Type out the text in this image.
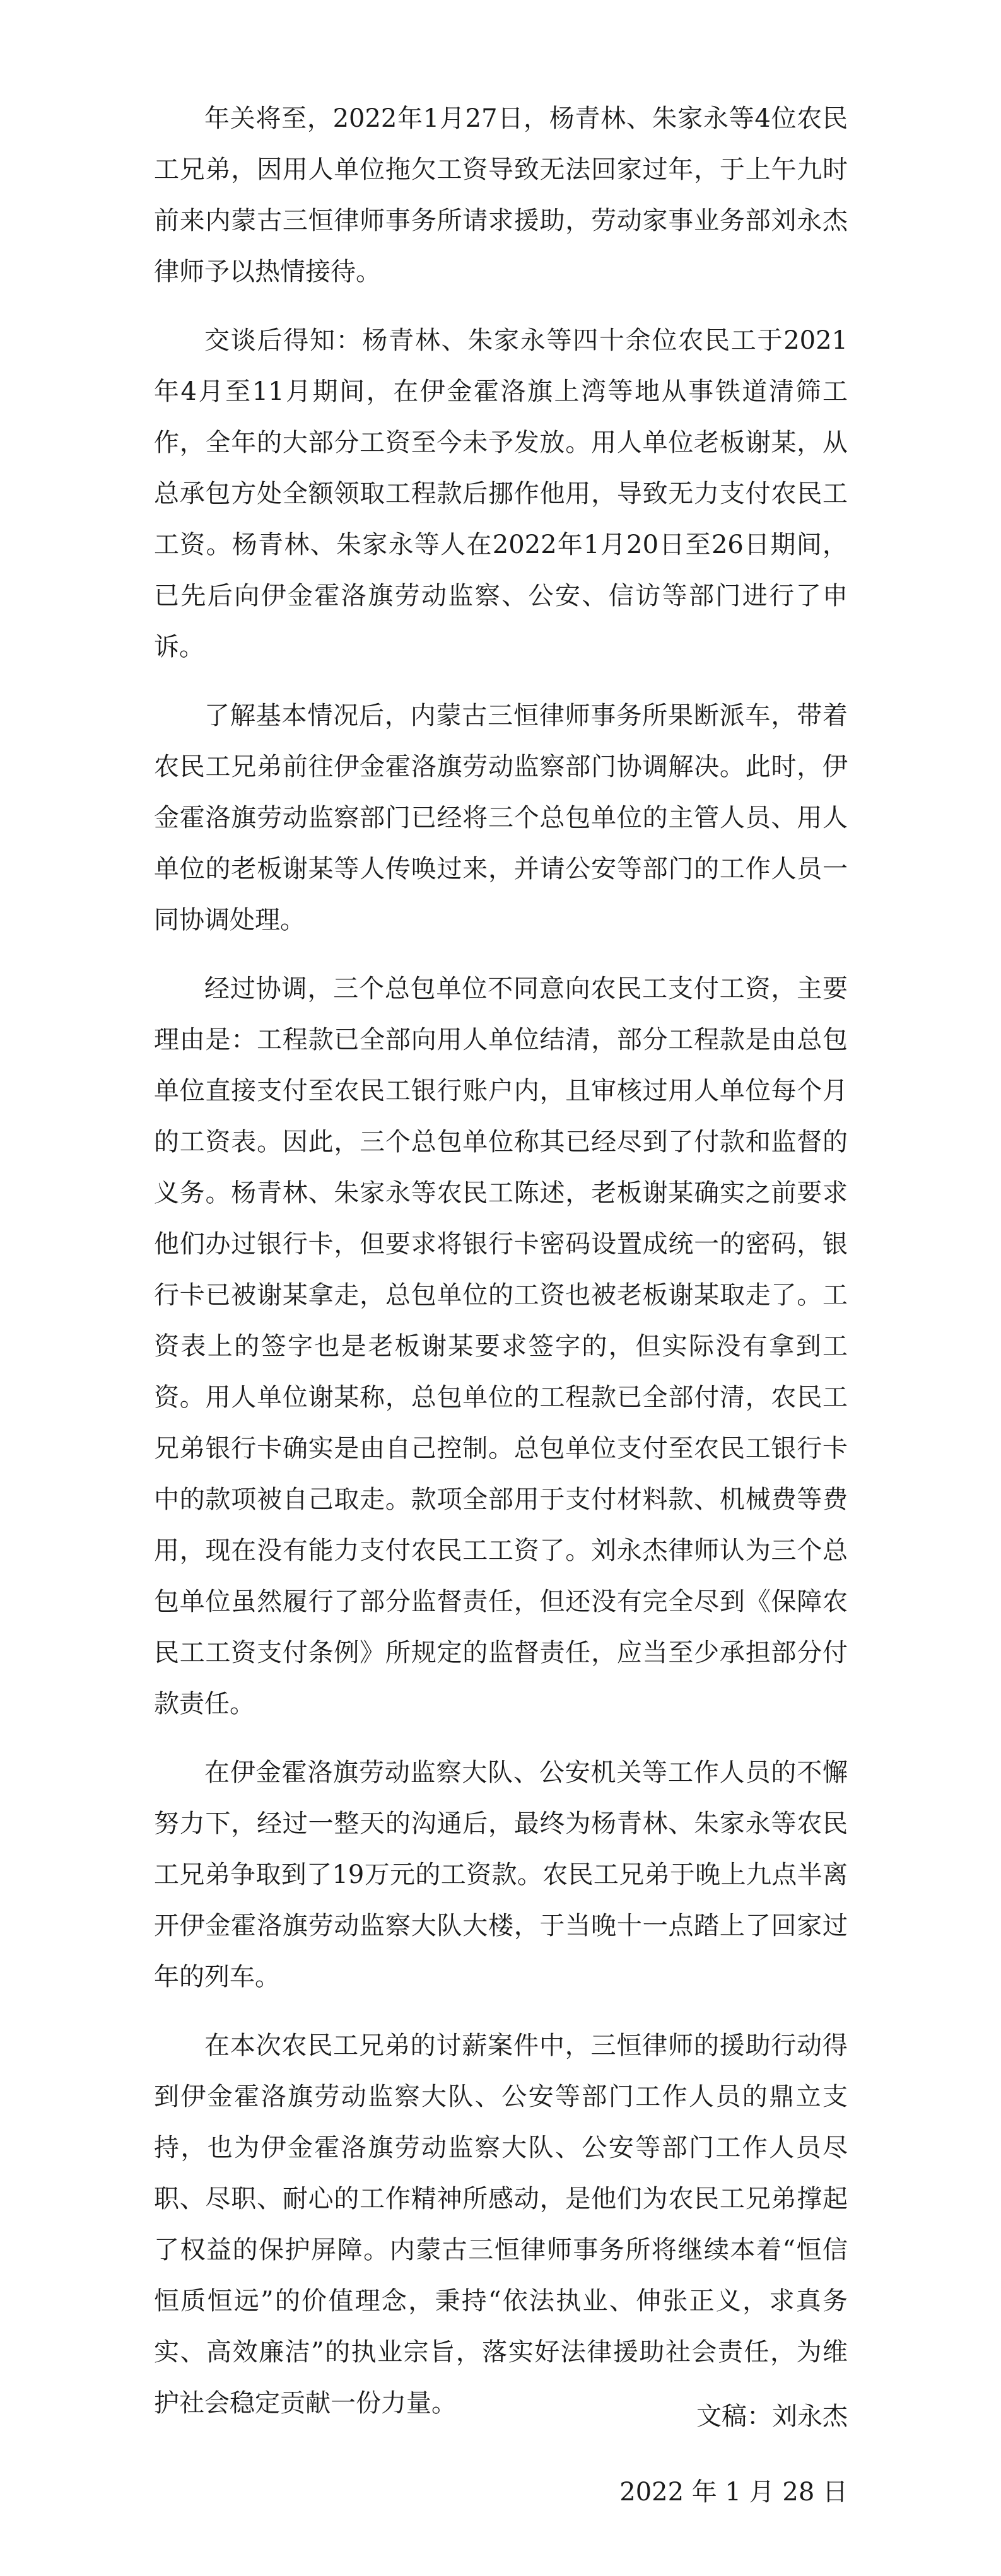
年关将至，2022年1月27日，杨青林、朱家永等4位农民工兄弟，因用人单位拖欠工资导致无法回家过年，于上午九时前来内蒙古三恒律师事务所请求援助，劳动家事业务部刘永杰律师予以热情接待。

交谈后得知：杨青林、朱家永等四十余位农民工于2021年4月至11月期间，在伊金霍洛旗上湾等地从事铁道清筛工作，全年的大部分工资至今未予发放。用人单位老板谢某，从总承包方处全额领取工程款后挪作他用，导致无力支付农民工工资。杨青林、朱家永等人在2022年1月20日至26日期间，已先后向伊金霍洛旗劳动监察、公安、信访等部门进行了申诉。

了解基本情况后，内蒙古三恒律师事务所果断派车，带着农民工兄弟前往伊金霍洛旗劳动监察部门协调解决。此时，伊金霍洛旗劳动监察部门已经将三个总包单位的主管人员、用人单位的老板谢某等人传唤过来，并请公安等部门的工作人员一同协调处理。

经过协调，三个总包单位不同意向农民工支付工资，主要理由是：工程款已全部向用人单位结清，部分工程款是由总包单位直接支付至农民工银行账户内，且审核过用人单位每个月的工资表。因此，三个总包单位称其已经尽到了付款和监督的义务。杨青林、朱家永等农民工陈述，老板谢某确实之前要求他们办过银行卡，但要求将银行卡密码设置成统一的密码，银行卡已被谢某拿走，总包单位的工资也被老板谢某取走了。工资表上的签字也是老板谢某要求签字的，但实际没有拿到工资。用人单位谢某称，总包单位的工程款已全部付清，农民工兄弟银行卡确实是由自己控制。总包单位支付至农民工银行卡中的款项被自己取走。款项全部用于支付材料款、机械费等费用，现在没有能力支付农民工工资了。刘永杰律师认为三个总包单位虽然履行了部分监督责任，但还没有完全尽到《保障农民工工资支付条例》所规定的监督责任，应当至少承担部分付款责任。

在伊金霍洛旗劳动监察大队、公安机关等工作人员的不懈努力下，经过一整天的沟通后，最终为杨青林、朱家永等农民工兄弟争取到了19万元的工资款。农民工兄弟于晚上九点半离开伊金霍洛旗劳动监察大队大楼，于当晚十一点踏上了回家过年的列车。

在本次农民工兄弟的讨薪案件中，三恒律师的援助行动得到伊金霍洛旗劳动监察大队、公安等部门工作人员的鼎立支持，也为伊金霍洛旗劳动监察大队、公安等部门工作人员尽职、尽职、耐心的工作精神所感动，是他们为农民工兄弟撑起了权益的保护屏障。内蒙古三恒律师事务所将继续本着“恒信恒质恒远”的价值理念，秉持“依法执业、伸张正义，求真务实、高效廉洁”的执业宗旨，落实好法律援助社会责任，为维护社会稳定贡献一份力量。	文稿：刘永杰
2022 年 1 月 28 日
